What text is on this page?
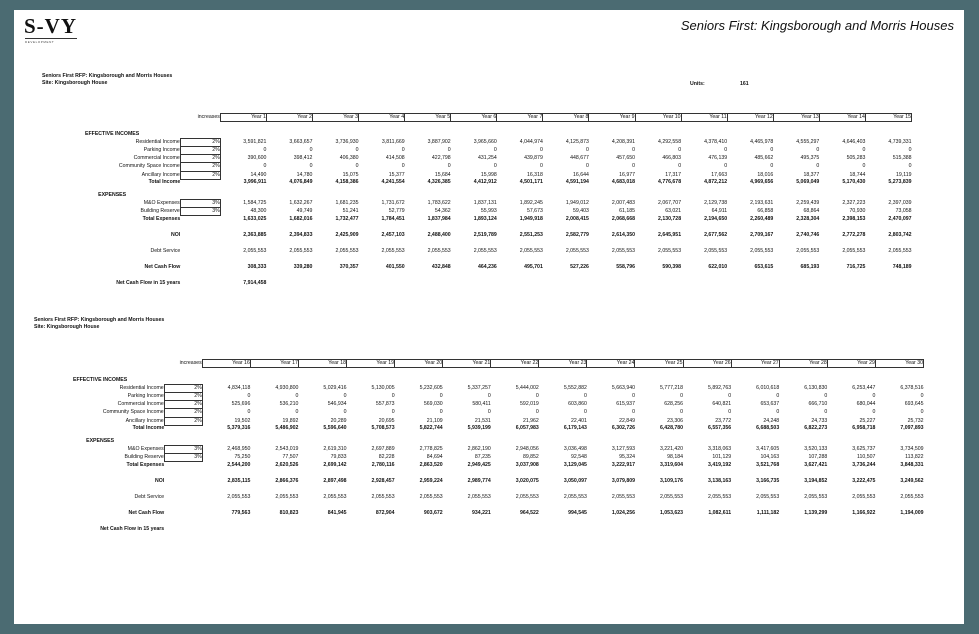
S-VY
DEVELOPMENT
Seniors First: Kingsborough and Morris Houses
Seniors First RFP: Kingsborough and Morris Houses
Site: Kingsborough House	Units:	161
	increases	Year 1	Year 2	Year 3	Year 4	Year 5	Year 6	Year 7	Year 8	Year 9	Year 10	Year 11	Year 12	Year 13	Year 14	Year 15

EFFECTIVE INCOMES																
Residential Income	2%	3,591,821	3,663,657	3,736,930	3,811,669	3,887,902	3,965,660	4,044,974	4,125,873	4,208,391	4,292,558	4,378,410	4,465,978	4,555,297	4,646,403	4,739,331
Parking Income	2%	0	0	0	0	0	0	0	0	0	0	0	0	0	0	0
Commercial Income	2%	390,600	398,412	406,380	414,508	422,798	431,254	439,879	448,677	457,650	466,803	476,139	485,662	495,375	505,283	515,388
Community Space Income	2%	0	0	0	0	0	0	0	0	0	0	0	0	0	0	0
Ancillary Income	2%	14,490	14,780	15,075	15,377	15,684	15,998	16,318	16,644	16,977	17,317	17,663	18,016	18,377	18,744	19,119
Total Income		3,996,911	4,076,849	4,158,386	4,241,554	4,326,385	4,412,912	4,501,171	4,591,194	4,683,018	4,776,678	4,872,212	4,969,656	5,069,049	5,170,430	5,273,839

EXPENSES																
M&O Expenses	3%	1,584,725	1,632,267	1,681,235	1,731,672	1,783,622	1,837,131	1,892,245	1,949,012	2,007,483	2,067,707	2,129,738	2,193,631	2,259,439	2,327,223	2,397,039
Building Reserve	3%	48,300	49,749	51,241	52,779	54,362	55,993	57,673	59,403	61,185	63,021	64,911	66,858	68,864	70,930	73,058
Total Expenses		1,633,025	1,682,016	1,732,477	1,784,451	1,837,984	1,893,124	1,949,918	2,008,415	2,068,668	2,130,728	2,194,650	2,260,489	2,328,304	2,398,153	2,470,097

NOI		2,363,885	2,394,833	2,425,909	2,457,103	2,488,400	2,519,789	2,551,253	2,582,779	2,614,350	2,645,951	2,677,562	2,709,167	2,740,746	2,772,278	2,803,742

Debt Service		2,055,553	2,055,553	2,055,553	2,055,553	2,055,553	2,055,553	2,055,553	2,055,553	2,055,553	2,055,553	2,055,553	2,055,553	2,055,553	2,055,553	2,055,553

Net Cash Flow		308,333	339,280	370,357	401,550	432,848	464,236	495,701	527,226	558,796	590,398	622,010	653,615	685,193	716,725	748,189

Net Cash Flow in 15 years		7,914,458														
Seniors First RFP: Kingsborough and Morris Houses
Site: Kingsborough House
	increases	Year 16	Year 17	Year 18	Year 19	Year 20	Year 21	Year 22	Year 23	Year 24	Year 25	Year 26	Year 27	Year 28	Year 29	Year 30

EFFECTIVE INCOMES																
Residential Income	2%	4,834,118	4,930,800	5,029,416	5,130,005	5,232,605	5,337,257	5,444,002	5,552,882	5,663,940	5,777,218	5,892,763	6,010,618	6,130,830	6,253,447	6,378,516
Parking Income	2%	0	0	0	0	0	0	0	0	0	0	0	0	0	0	0
Commercial Income	2%	525,696	536,210	546,934	557,873	569,030	580,411	592,019	603,860	615,937	628,256	640,821	653,637	666,710	680,044	693,645
Community Space Income	2%	0	0	0	0	0	0	0	0	0	0	0	0	0	0	0
Ancillary Income	2%	19,502	19,892	20,289	20,695	21,109	21,531	21,962	22,401	22,849	23,306	23,772	24,248	24,733	25,227	25,732
Total Income		5,379,316	5,486,902	5,596,640	5,708,573	5,822,744	5,939,199	6,057,983	6,179,143	6,302,726	6,428,780	6,557,356	6,688,503	6,822,273	6,958,718	7,097,893

EXPENSES																
M&O Expenses	3%	2,468,950	2,543,019	2,619,310	2,697,889	2,778,825	2,862,190	2,948,056	3,036,498	3,127,593	3,221,420	3,318,063	3,417,605	3,520,133	3,625,737	3,734,509
Building Reserve	3%	75,250	77,507	79,833	82,228	84,694	87,235	89,852	92,548	95,324	98,184	101,129	104,163	107,288	110,507	113,822
Total Expenses		2,544,200	2,620,526	2,699,142	2,780,116	2,863,520	2,949,425	3,037,908	3,129,045	3,222,917	3,319,604	3,419,192	3,521,768	3,627,421	3,736,244	3,848,331

NOI		2,835,115	2,866,376	2,897,498	2,928,457	2,959,224	2,989,774	3,020,075	3,050,097	3,079,809	3,109,176	3,138,163	3,166,735	3,194,852	3,222,475	3,249,562

Debt Service		2,055,553	2,055,553	2,055,553	2,055,553	2,055,553	2,055,553	2,055,553	2,055,553	2,055,553	2,055,553	2,055,553	2,055,553	2,055,553	2,055,553	2,055,553

Net Cash Flow		779,563	810,823	841,945	872,904	903,672	934,221	964,522	994,545	1,024,256	1,053,623	1,082,611	1,111,182	1,139,299	1,166,922	1,194,009

Net Cash Flow in 15 years																
